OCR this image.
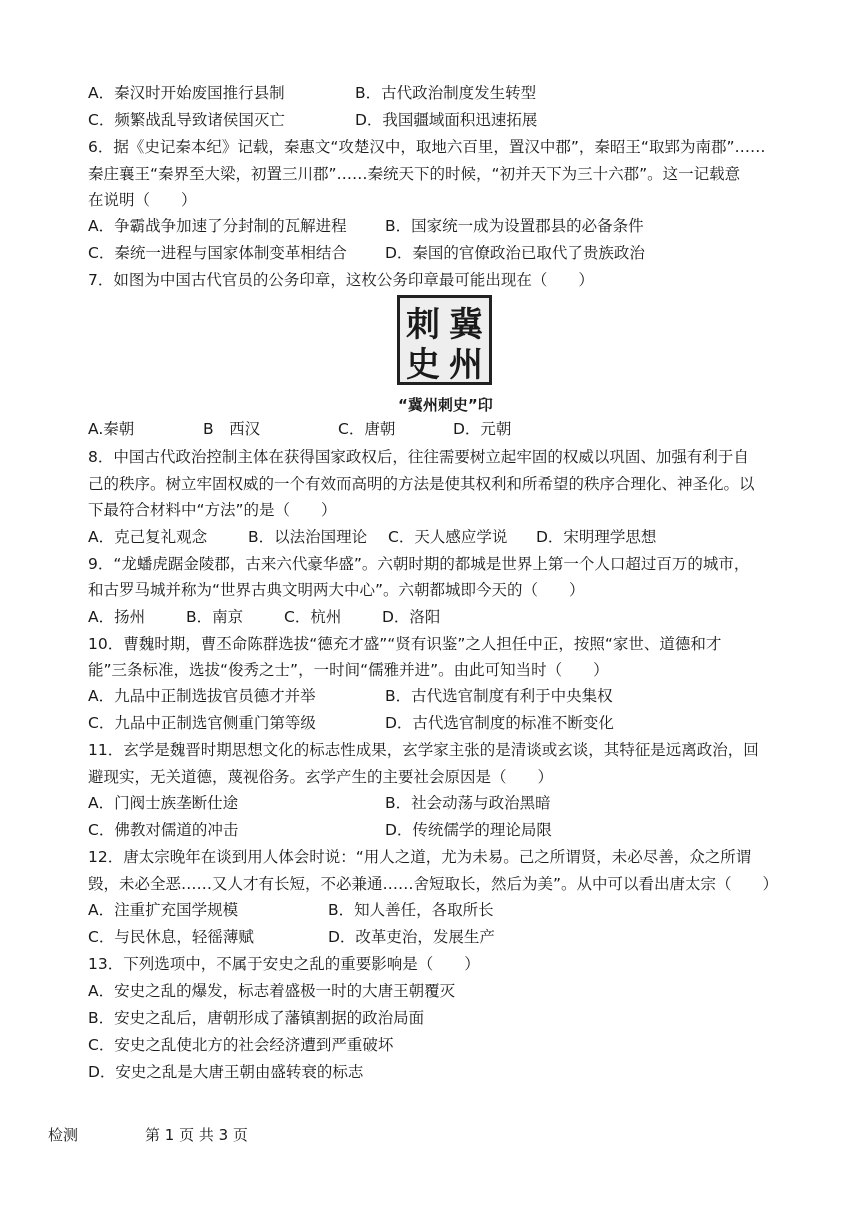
A．秦汉时开始废国推行县制	B．古代政治制度发生转型
C．频繁战乱导致诸侯国灭亡	D．我国疆域面积迅速拓展
6．据《史记秦本纪》记载，秦惠文“攻楚汉中，取地六百里，置汉中郡”，秦昭王“取郢为南郡”……
秦庄襄王“秦界至大梁，初置三川郡”……秦统天下的时候，“初并天下为三十六郡”。这一记载意
在说明（　　）
A．争霸战争加速了分封制的瓦解进程 B．国家统一成为设置郡县的必备条件
C．秦统一进程与国家体制变革相结合 D．秦国的官僚政治已取代了贵族政治
7．如图为中国古代官员的公务印章，这枚公务印章最可能出现在（　　）
冀
州
刺
史
“冀州刺史”印
A.秦朝	B　西汉	C．唐朝	D．元朝
8．中国古代政治控制主体在获得国家政权后，往往需要树立起牢固的权威以巩固、加强有利于自
己的秩序。树立牢固权威的一个有效而高明的方法是使其权利和所希望的秩序合理化、神圣化。以
下最符合材料中“方法”的是（　　）
A．克己复礼观念	B．以法治国理论 C．天人感应学说 D．宋明理学思想
9．“龙蟠虎踞金陵郡，古来六代豪华盛”。六朝时期的都城是世界上第一个人口超过百万的城市，
和古罗马城并称为“世界古典文明两大中心”。六朝都城即今天的（　　）
A．扬州	B．南京	C．杭州	D．洛阳
10．曹魏时期，曹丕命陈群选拔“德充才盛”“贤有识鉴”之人担任中正，按照“家世、道德和才
能”三条标准，选拔“俊秀之士”，一时间“儒雅并进”。由此可知当时（　　）
A．九品中正制选拔官员德才并举	B．古代选官制度有利于中央集权
C．九品中正制选官侧重门第等级	D．古代选官制度的标准不断变化
11．玄学是魏晋时期思想文化的标志性成果，玄学家主张的是清谈或玄谈，其特征是远离政治，回
避现实，无关道德，蔑视俗务。玄学产生的主要社会原因是（　　）
A．门阀士族垄断仕途	B．社会动荡与政治黑暗
C．佛教对儒道的冲击	D．传统儒学的理论局限
12．唐太宗晚年在谈到用人体会时说：“用人之道，尤为未易。己之所谓贤，未必尽善，众之所谓
毁，未必全恶……又人才有长短，不必兼通……舍短取长，然后为美”。从中可以看出唐太宗（　　）
A．注重扩充国学规模	B．知人善任，各取所长
C．与民休息，轻徭薄赋	D．改革吏治，发展生产
13．下列选项中，不属于安史之乱的重要影响是（　　）
A．安史之乱的爆发，标志着盛极一时的大唐王朝覆灭
B．安史之乱后，唐朝形成了藩镇割据的政治局面
C．安史之乱使北方的社会经济遭到严重破坏
D．安史之乱是大唐王朝由盛转衰的标志
检测	第 1 页 共 3 页
